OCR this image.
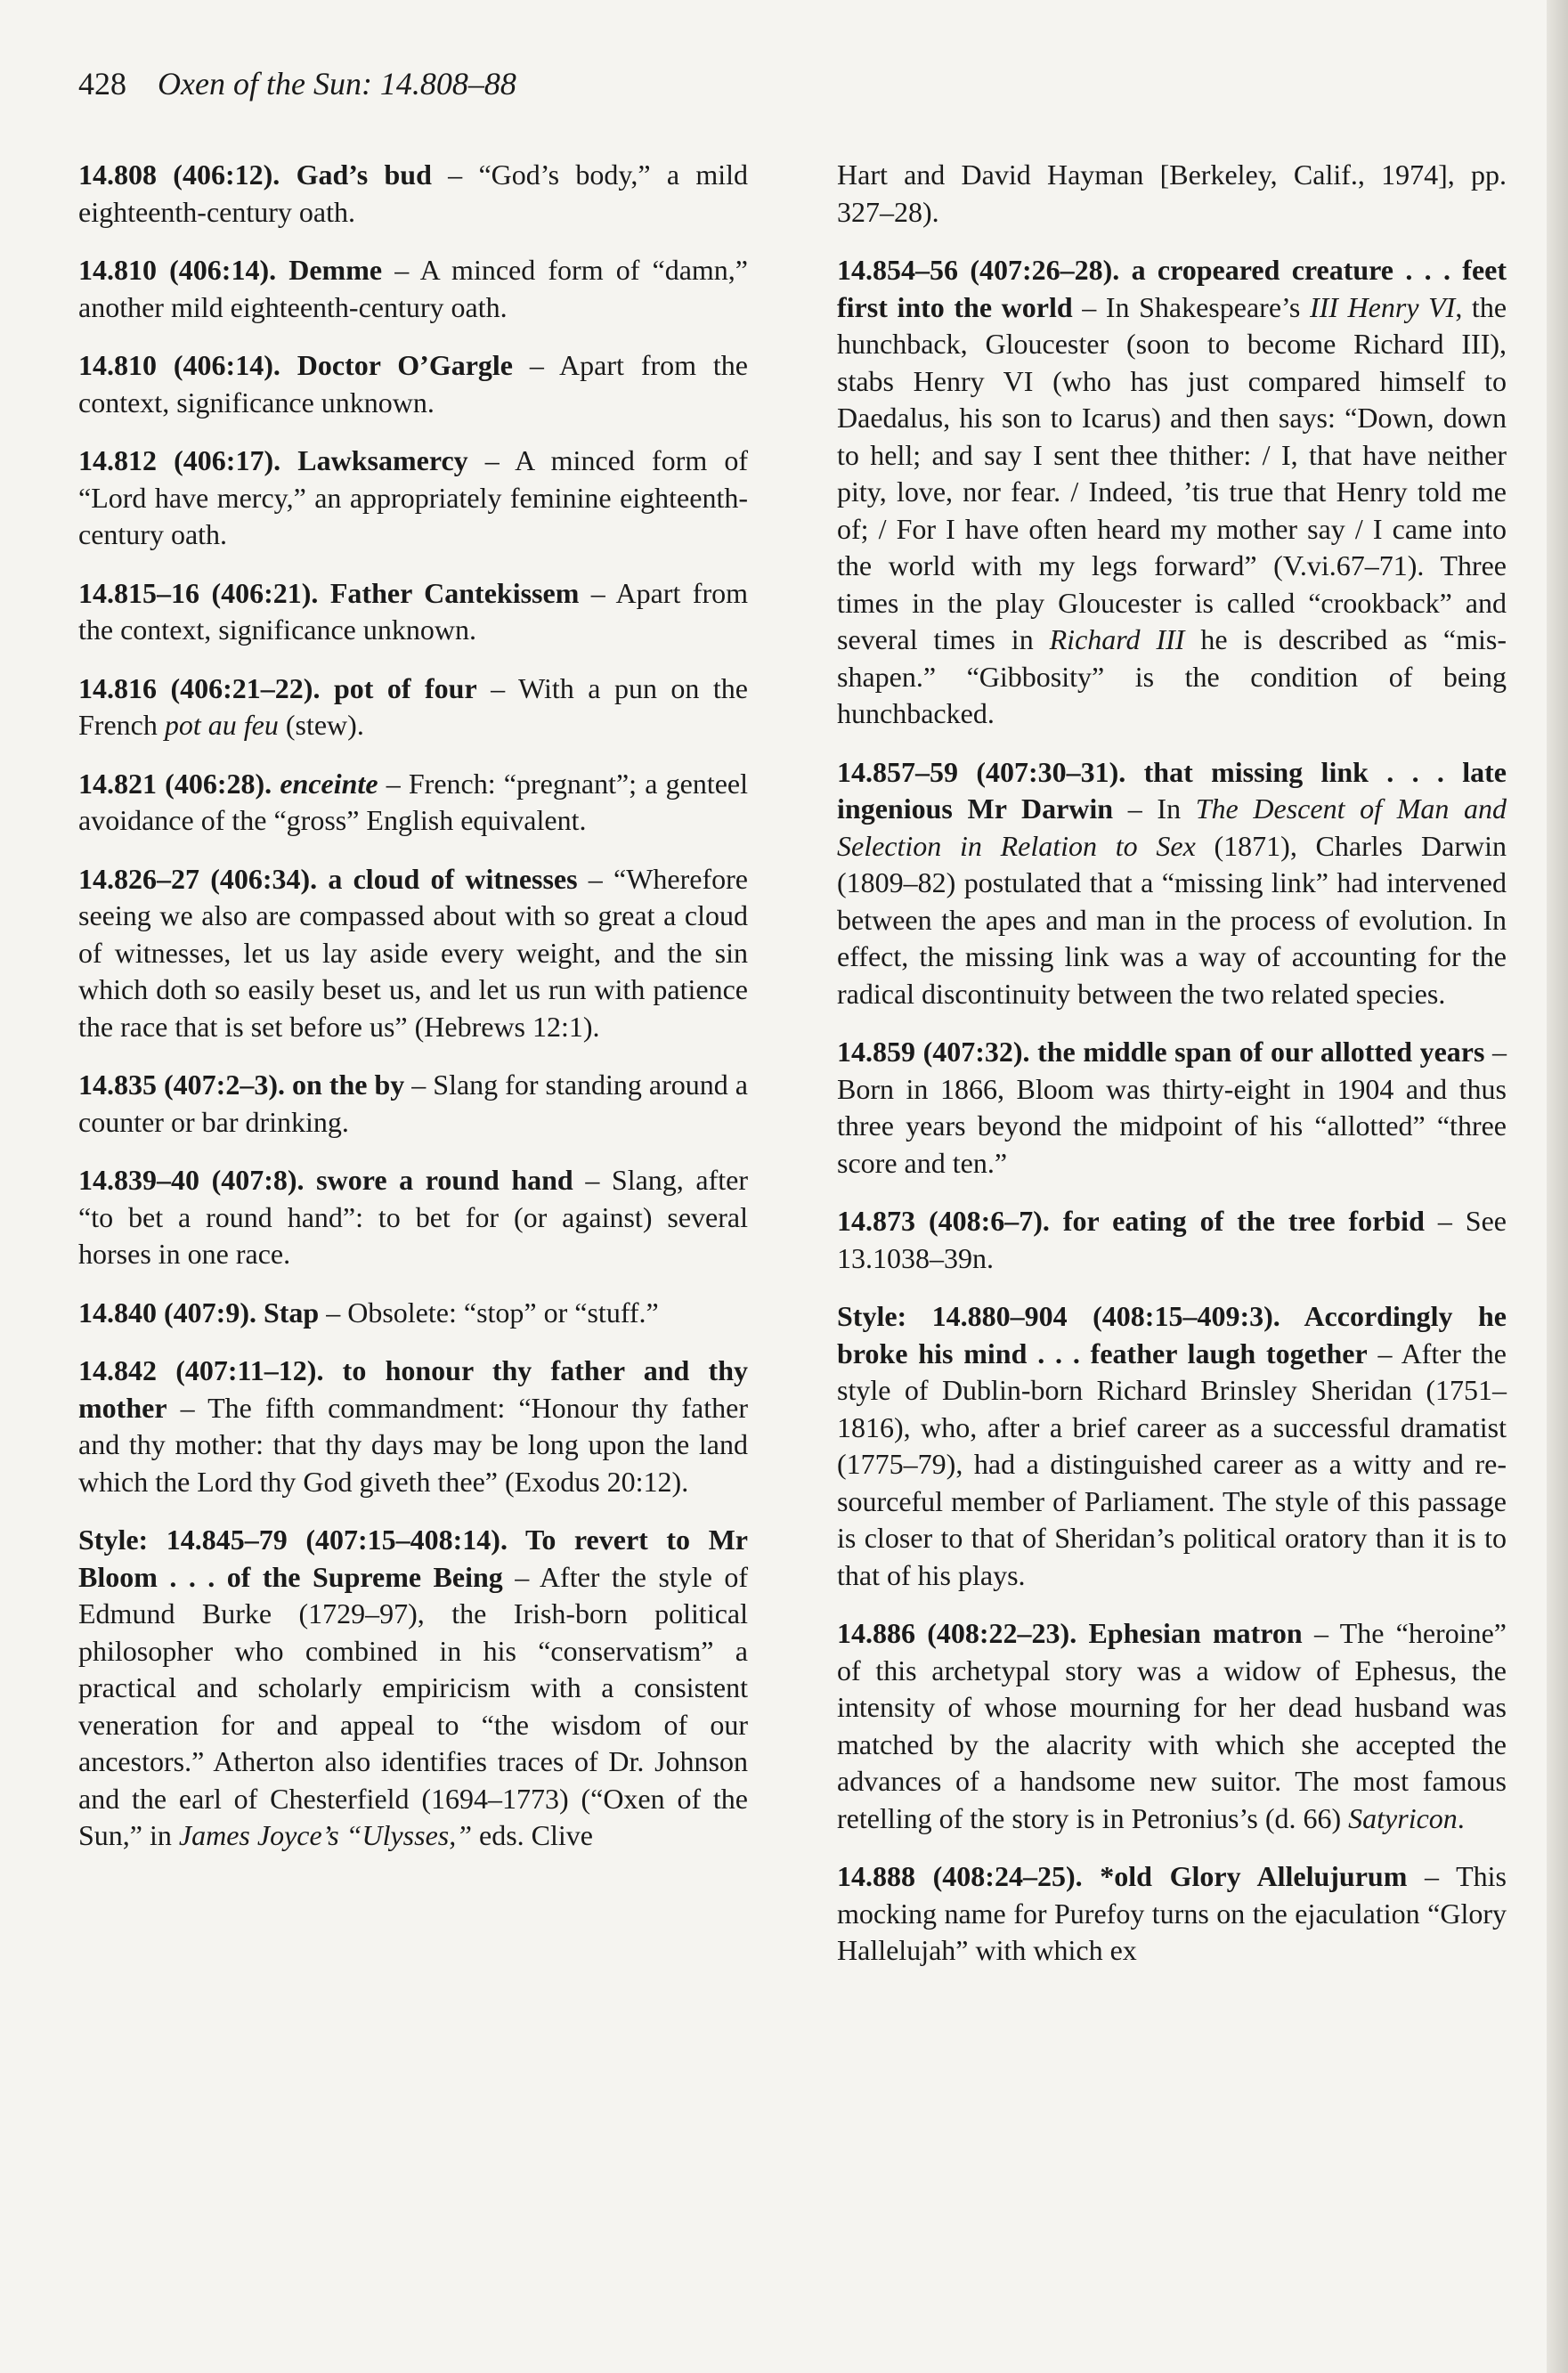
428 Oxen of the Sun: 14.808–88

14.808 (406:12). Gad’s bud – “God’s body,” a mild eighteenth-century oath.

14.810 (406:14). Demme – A minced form of “damn,” another mild eighteenth-century oath.

14.810 (406:14). Doctor O’Gargle – Apart from the context, significance unknown.

14.812 (406:17). Lawksamercy – A minced form of “Lord have mercy,” an appropriately feminine eighteenth-century oath.

14.815–16 (406:21). Father Cantekissem – Apart from the context, significance unknown.

14.816 (406:21–22). pot of four – With a pun on the French pot au feu (stew).

14.821 (406:28). enceinte – French: “pregnant”; a genteel avoidance of the “gross” English equivalent.

14.826–27 (406:34). a cloud of witnesses – “Wherefore seeing we also are compassed about with so great a cloud of witnesses, let us lay aside every weight, and the sin which doth so easily beset us, and let us run with patience the race that is set before us” (Hebrews 12:1).

14.835 (407:2–3). on the by – Slang for standing around a counter or bar drinking.

14.839–40 (407:8). swore a round hand – Slang, after “to bet a round hand”: to bet for (or against) several horses in one race.

14.840 (407:9). Stap – Obsolete: “stop” or “stuff.”

14.842 (407:11–12). to honour thy father and thy mother – The fifth commandment: “Honour thy father and thy mother: that thy days may be long upon the land which the Lord thy God giveth thee” (Exodus 20:12).

Style: 14.845–79 (407:15–408:14). To revert to Mr Bloom . . . of the Supreme Being – After the style of Edmund Burke (1729–97), the Irish-born political philosopher who combined in his “conservatism” a practical and scholarly empiricism with a consistent veneration for and appeal to “the wisdom of our ancestors.” Atherton also identifies traces of Dr. Johnson and the earl of Chesterfield (1694–1773) (“Oxen of the Sun,” in James Joyce’s “Ulysses,” eds. Clive

Hart and David Hayman [Berkeley, Calif., 1974], pp. 327–28).

14.854–56 (407:26–28). a cropeared creature . . . feet first into the world – In Shakespeare’s III Henry VI, the hunchback, Gloucester (soon to become Richard III), stabs Henry VI (who has just compared himself to Daedalus, his son to Icarus) and then says: “Down, down to hell; and say I sent thee thither: / I, that have neither pity, love, nor fear. / Indeed, ’tis true that Henry told me of; / For I have often heard my mother say / I came into the world with my legs forward” (V.vi.67–71). Three times in the play Gloucester is called “crookback” and several times in Richard III he is described as “misshapen.” “Gibbosity” is the condition of being hunchbacked.

14.857–59 (407:30–31). that missing link . . . late ingenious Mr Darwin – In The Descent of Man and Selection in Relation to Sex (1871), Charles Darwin (1809–82) postulated that a “missing link” had intervened between the apes and man in the process of evolution. In effect, the missing link was a way of accounting for the radical discontinuity between the two related species.

14.859 (407:32). the middle span of our allotted years – Born in 1866, Bloom was thirty-eight in 1904 and thus three years beyond the midpoint of his “allotted” “three score and ten.”

14.873 (408:6–7). for eating of the tree forbid – See 13.1038–39n.

Style: 14.880–904 (408:15–409:3). Accordingly he broke his mind . . . feather laugh together – After the style of Dublin-born Richard Brinsley Sheridan (1751–1816), who, after a brief career as a successful dramatist (1775–79), had a distinguished career as a witty and resourceful member of Parliament. The style of this passage is closer to that of Sheridan’s political oratory than it is to that of his plays.

14.886 (408:22–23). Ephesian matron – The “heroine” of this archetypal story was a widow of Ephesus, the intensity of whose mourning for her dead husband was matched by the alacrity with which she accepted the advances of a handsome new suitor. The most famous retelling of the story is in Petronius’s (d. 66) Satyricon.

14.888 (408:24–25). *old Glory Allelujurum – This mocking name for Purefoy turns on the ejaculation “Glory Hallelujah” with which ex
